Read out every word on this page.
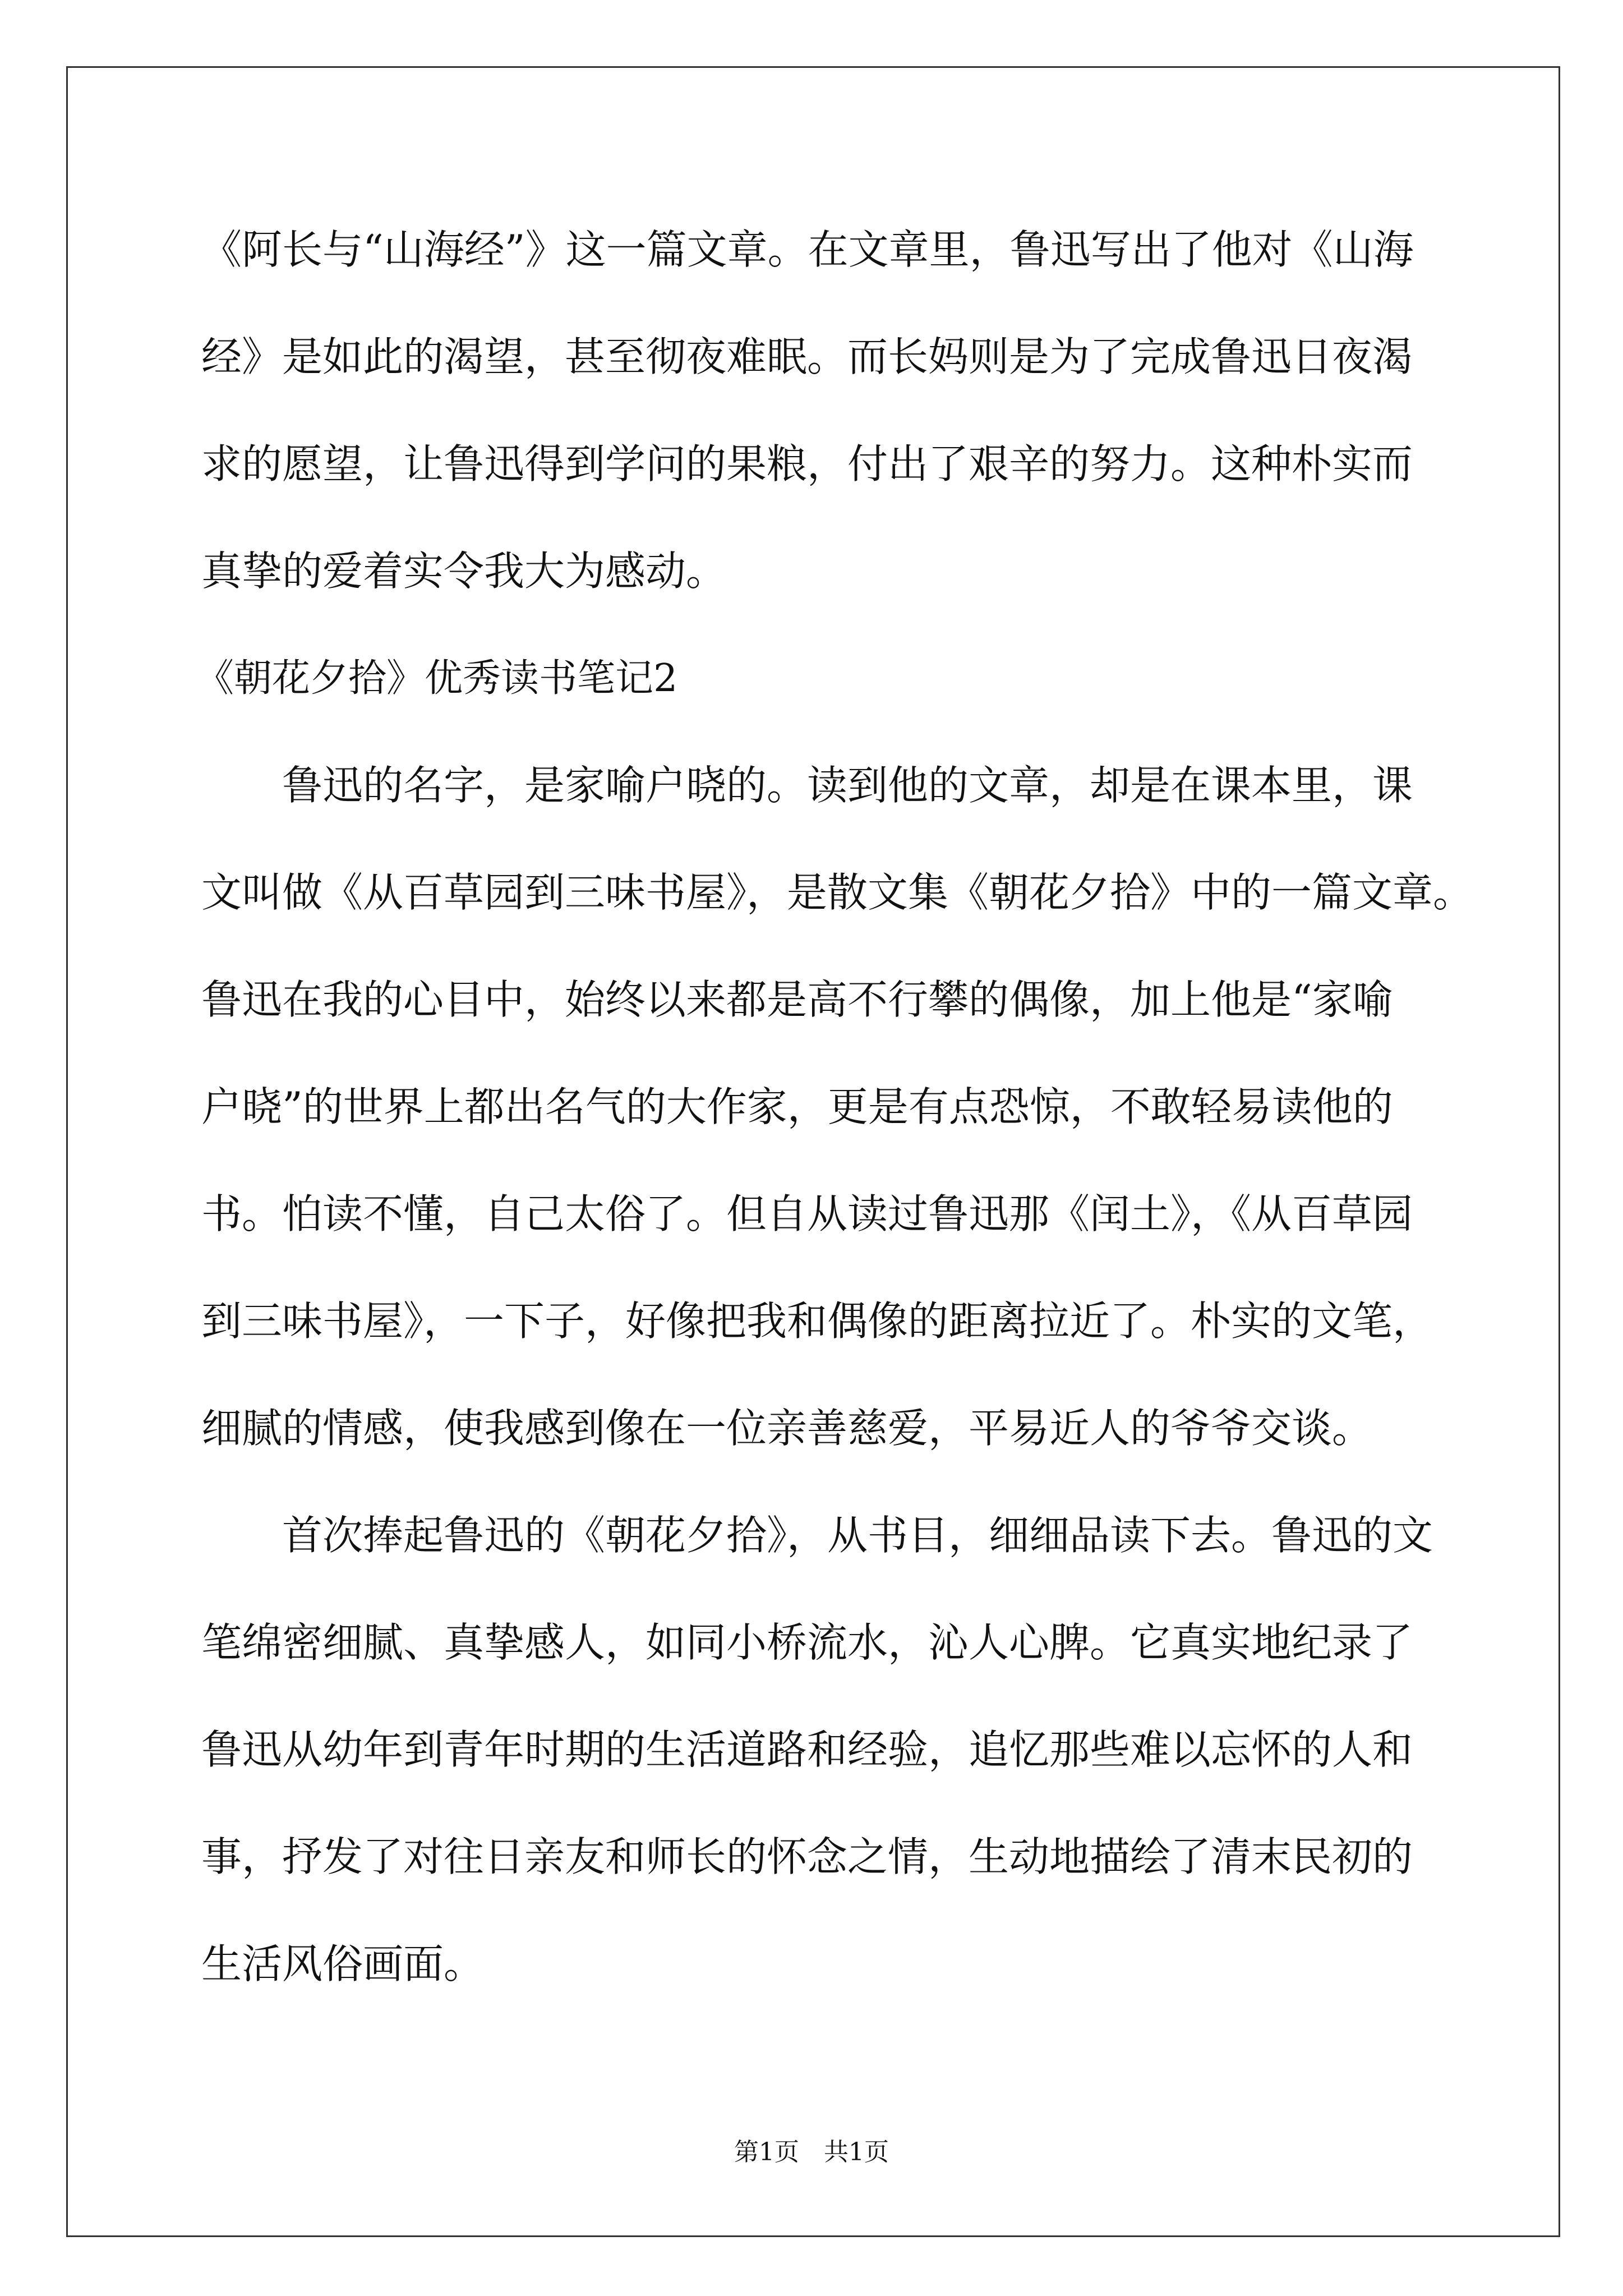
《阿长与“山海经”》这一篇文章。在文章里，鲁迅写出了他对《山海
经》是如此的渴望，甚至彻夜难眠。而长妈则是为了完成鲁迅日夜渴
求的愿望，让鲁迅得到学问的果粮，付出了艰辛的努力。这种朴实而
真挚的爱着实令我大为感动。
《朝花夕拾》优秀读书笔记2
鲁迅的名字，是家喻户晓的。读到他的文章，却是在课本里，课
文叫做《从百草园到三味书屋》，是散文集《朝花夕拾》中的一篇文章。
鲁迅在我的心目中，始终以来都是高不行攀的偶像，加上他是“家喻
户晓”的世界上都出名气的大作家，更是有点恐惊，不敢轻易读他的
书。怕读不懂，自己太俗了。但自从读过鲁迅那《闰土》，《从百草园
到三味书屋》，一下子，好像把我和偶像的距离拉近了。朴实的文笔，
细腻的情感，使我感到像在一位亲善慈爱，平易近人的爷爷交谈。
首次捧起鲁迅的《朝花夕拾》，从书目，细细品读下去。鲁迅的文
笔绵密细腻、真挚感人，如同小桥流水，沁人心脾。它真实地纪录了
鲁迅从幼年到青年时期的生活道路和经验，追忆那些难以忘怀的人和
事，抒发了对往日亲友和师长的怀念之情，生动地描绘了清末民初的
生活风俗画面。
第1页　共1页
